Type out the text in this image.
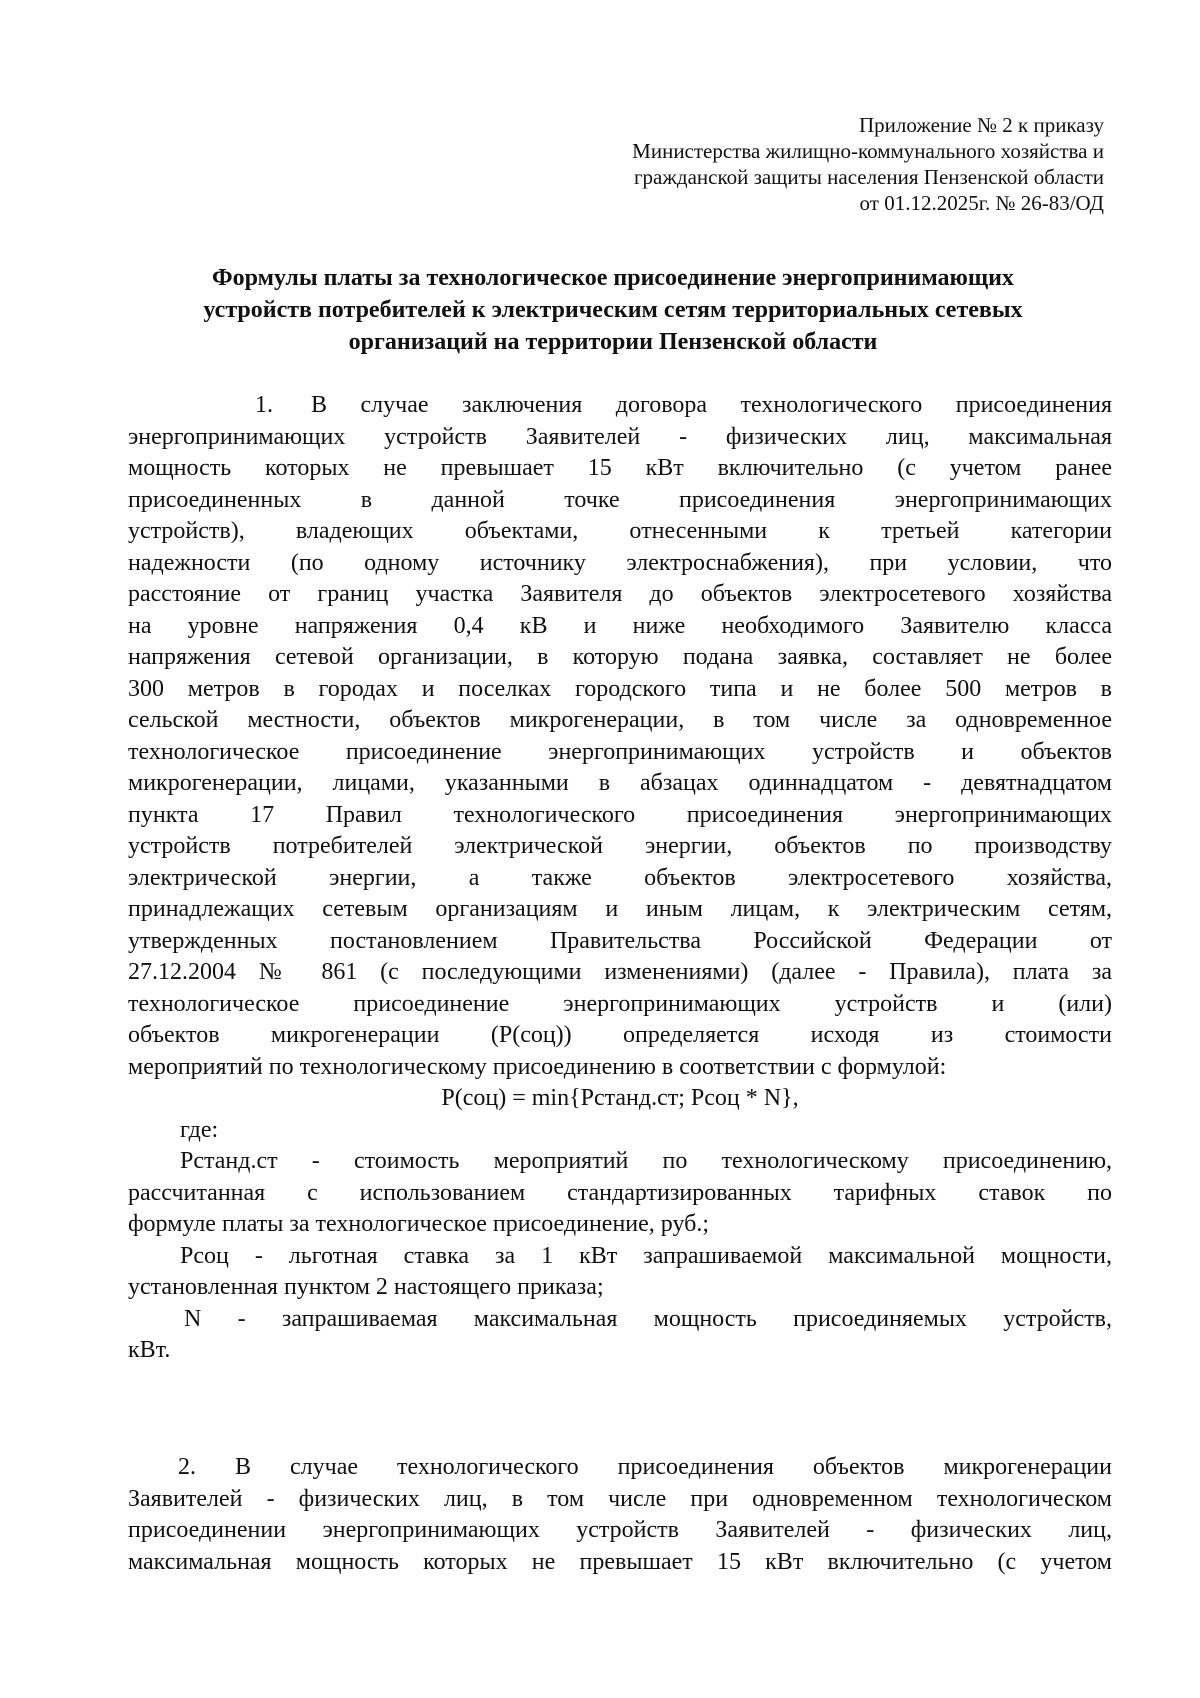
Приложение № 2 к приказу
Министерства жилищно-коммунального хозяйства и
гражданской защиты населения Пензенской области
от 01.12.2025г. № 26-83/ОД
Формулы платы за технологическое присоединение энергопринимающих
устройств потребителей к электрическим сетям территориальных сетевых
организаций на территории Пензенской области
1.	В случае заключения договора технологического присоединения
энергопринимающих устройств Заявителей - физических лиц, максимальная
мощность которых не превышает 15 кВт включительно (с учетом ранее
присоединенных в данной точке присоединения энергопринимающих
устройств), владеющих объектами, отнесенными к третьей категории
надежности (по одному источнику электроснабжения), при условии, что
расстояние от границ участка Заявителя до объектов электросетевого хозяйства
на уровне напряжения 0,4 кВ и ниже необходимого Заявителю класса
напряжения сетевой организации, в которую подана заявка, составляет не более
300 метров в городах и поселках городского типа и не более 500 метров в
сельской местности, объектов микрогенерации, в том числе за одновременное
технологическое присоединение энергопринимающих устройств и объектов
микрогенерации, лицами, указанными в абзацах одиннадцатом - девятнадцатом
пункта 17 Правил технологического присоединения энергопринимающих
устройств потребителей электрической энергии, объектов по производству
электрической энергии, а также объектов электросетевого хозяйства,
принадлежащих сетевым организациям и иным лицам, к электрическим сетям,
утвержденных постановлением Правительства Российской Федерации от
27.12.2004 № 861 (с последующими изменениями) (далее - Правила), плата за
технологическое присоединение энергопринимающих устройств и (или)
объектов микрогенерации (Р(соц)) определяется исходя из стоимости
мероприятий по технологическому присоединению в соответствии с формулой:
Р(соц) = min{Рстанд.ст; Рсоц * N},
где:
Рстанд.ст - стоимость мероприятий по технологическому присоединению,
рассчитанная с использованием стандартизированных тарифных ставок по
формуле платы за технологическое присоединение, руб.;
Рсоц - льготная ставка за 1 кВт запрашиваемой максимальной мощности,
установленная пунктом 2 настоящего приказа;
N - запрашиваемая максимальная мощность присоединяемых устройств,
кВт.
2. В случае технологического присоединения объектов микрогенерации
Заявителей - физических лиц, в том числе при одновременном технологическом
присоединении энергопринимающих устройств Заявителей - физических лиц,
максимальная мощность которых не превышает 15 кВт включительно (с учетом
